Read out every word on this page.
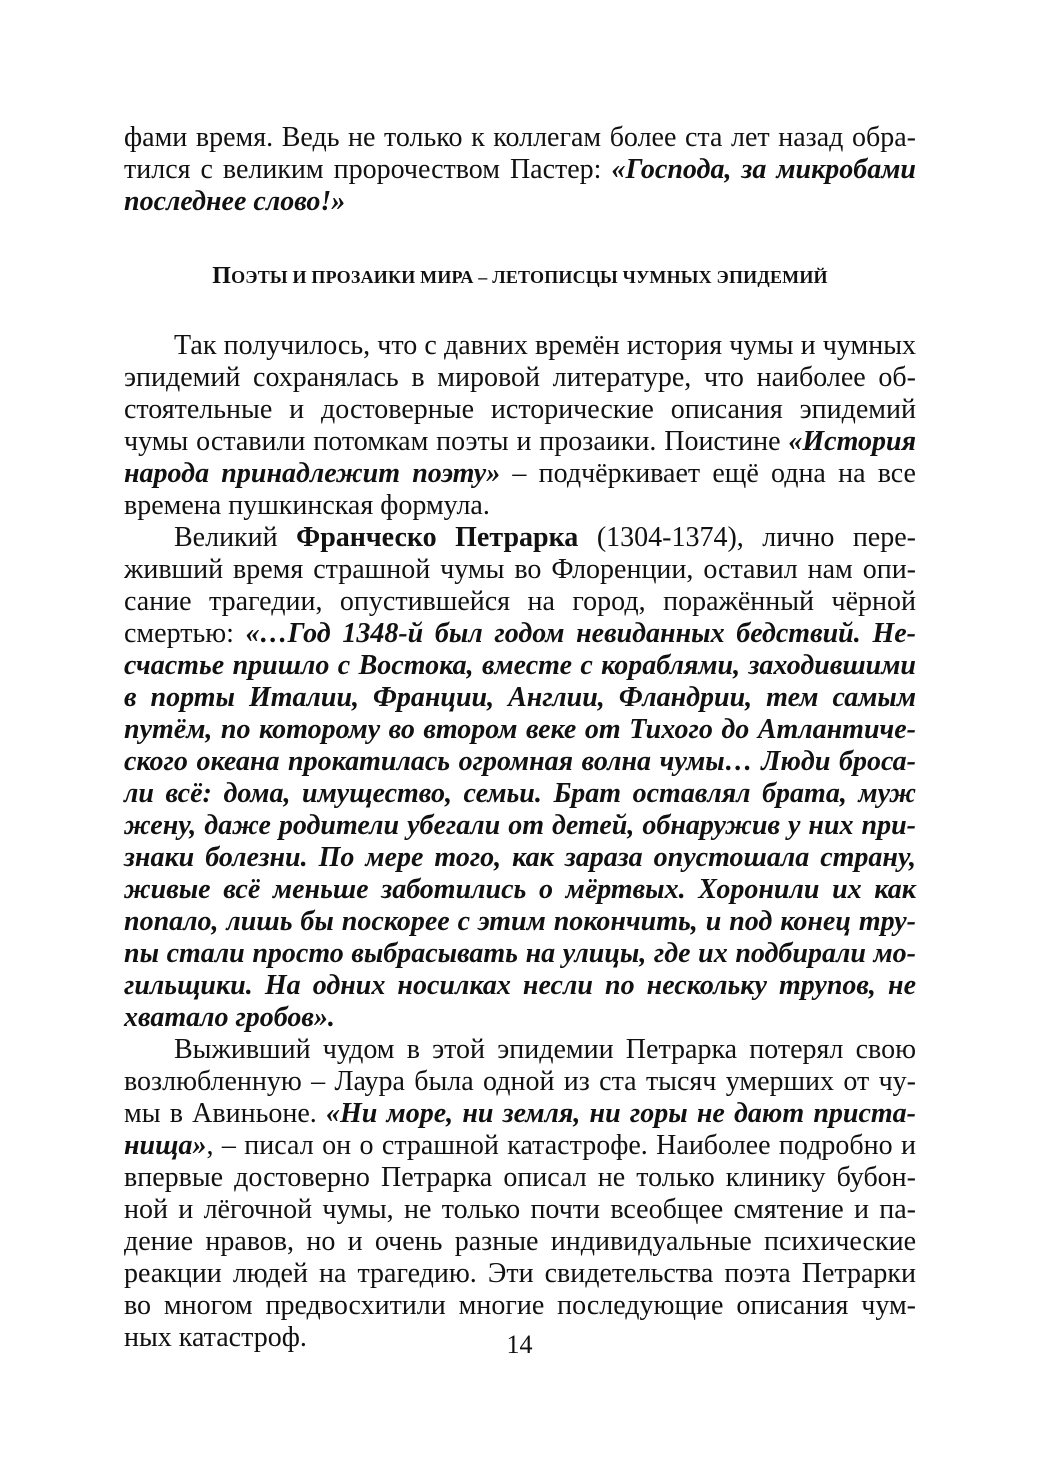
фами время. Ведь не только к коллегам более ста лет назад обра-
тился с великим пророчеством Пастер: «Господа, за микробами
последнее слово!»
ПОЭТЫ И ПРОЗАИКИ МИРА – ЛЕТОПИСЦЫ ЧУМНЫХ ЭПИДЕМИЙ
Так получилось, что с давних времён история чумы и чумных
эпидемий сохранялась в мировой литературе, что наиболее об-
стоятельные и достоверные исторические описания эпидемий
чумы оставили потомкам поэты и прозаики. Поистине «История
народа принадлежит поэту» – подчёркивает ещё одна на все
времена пушкинская формула.
Великий Франческо Петрарка (1304-1374), лично пере-
живший время страшной чумы во Флоренции, оставил нам опи-
сание трагедии, опустившейся на город, поражённый чёрной
смертью: «…Год 1348-й был годом невиданных бедствий. Не-
счастье пришло с Востока, вместе с кораблями, заходившими
в порты Италии, Франции, Англии, Фландрии, тем самым
путём, по которому во втором веке от Тихого до Атлантиче-
ского океана прокатилась огромная волна чумы… Люди броса-
ли всё: дома, имущество, семьи. Брат оставлял брата, муж
жену, даже родители убегали от детей, обнаружив у них при-
знаки болезни. По мере того, как зараза опустошала страну,
живые всё меньше заботились о мёртвых. Хоронили их как
попало, лишь бы поскорее с этим покончить, и под конец тру-
пы стали просто выбрасывать на улицы, где их подбирали мо-
гильщики. На одних носилках несли по нескольку трупов, не
хватало гробов».
Выживший чудом в этой эпидемии Петрарка потерял свою
возлюбленную – Лаура была одной из ста тысяч умерших от чу-
мы в Авиньоне. «Ни море, ни земля, ни горы не дают приста-
нища», – писал он о страшной катастрофе. Наиболее подробно и
впервые достоверно Петрарка описал не только клинику бубон-
ной и лёгочной чумы, не только почти всеобщее смятение и па-
дение нравов, но и очень разные индивидуальные психические
реакции людей на трагедию. Эти свидетельства поэта Петрарки
во многом предвосхитили многие последующие описания чум-
ных катастроф.	14
